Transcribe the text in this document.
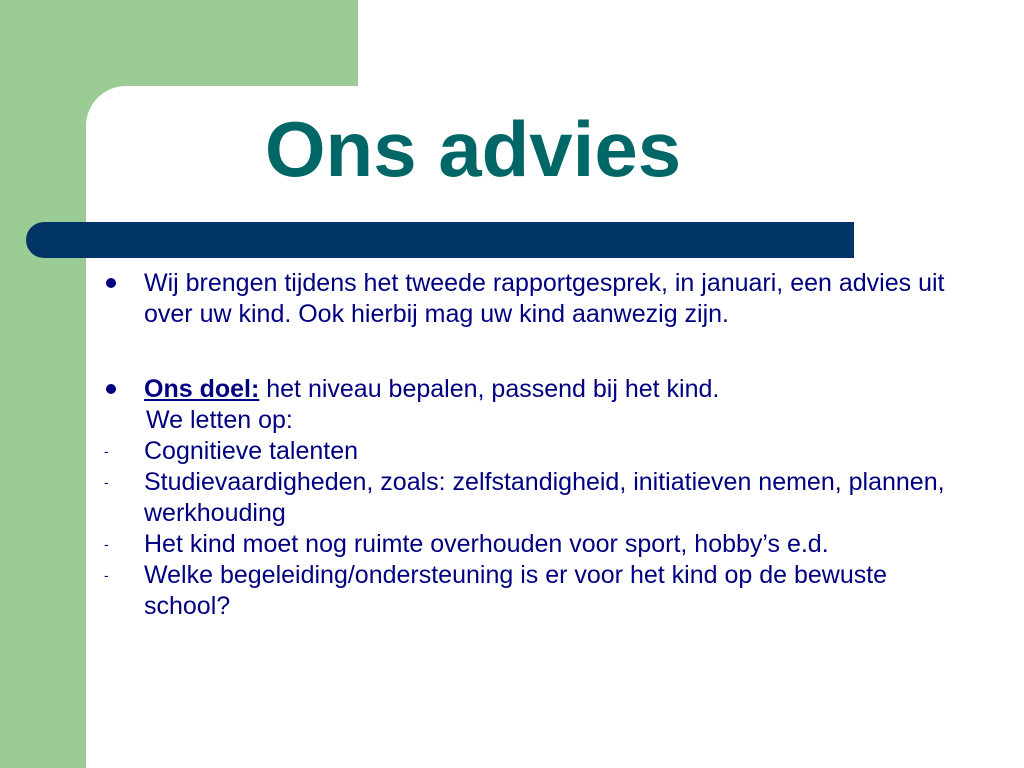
Ons advies
Wij brengen tijdens het tweede rapportgesprek, in januari, een advies uit over uw kind. Ook hierbij mag uw kind aanwezig zijn.
Ons doel: het niveau bepalen, passend bij het kind.
We letten op:
- Cognitieve talenten
- Studievaardigheden, zoals: zelfstandigheid, initiatieven nemen, plannen, werkhouding
- Het kind moet nog ruimte overhouden voor sport, hobby’s e.d.
- Welke begeleiding/ondersteuning is er voor het kind op de bewuste school?
